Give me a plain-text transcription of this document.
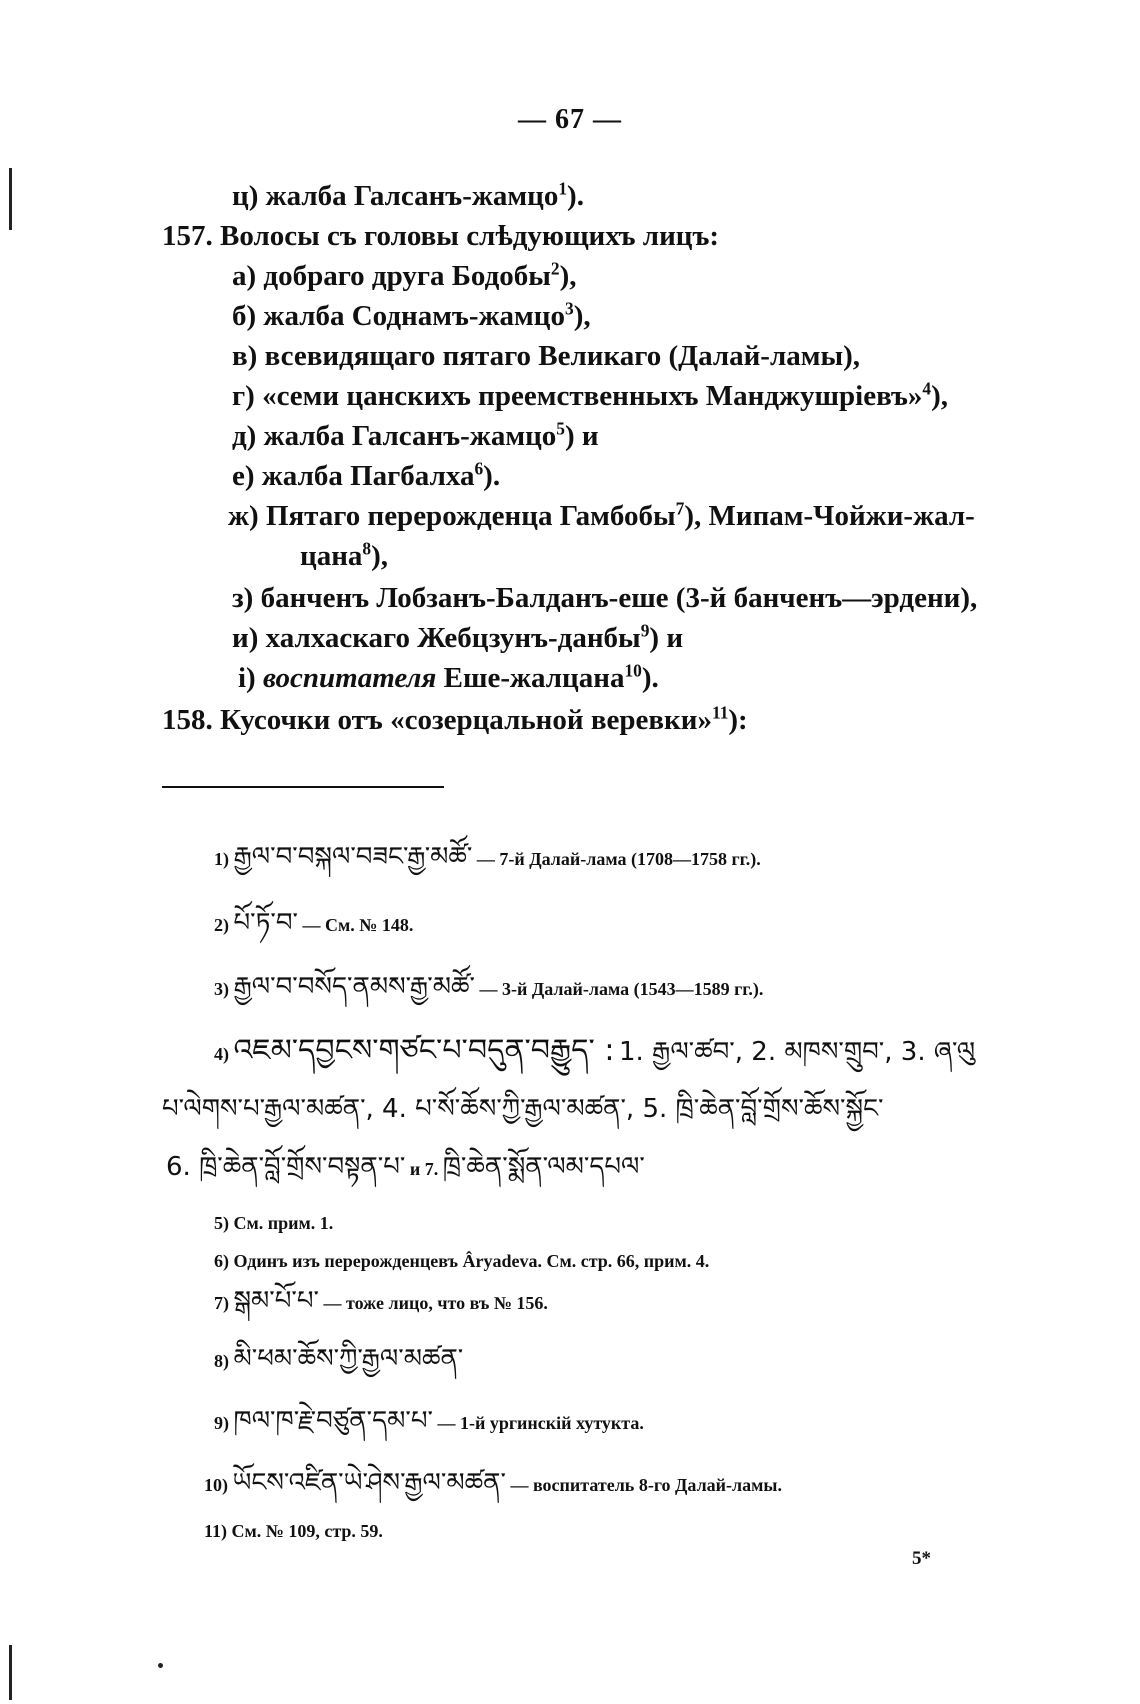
— 67 —
ц) жалба Галсанъ-жамцо$^1$).
157. Волосы съ головы слѣдующихъ лицъ:
а) добраго друга Бодобы$^2$),
б) жалба Соднамъ-жамцо$^3$),
в) всевидящаго пятаго Великаго (Далай-ламы),
г) «семи цанскихъ преемственныхъ Манджушріевъ»$^4$),
д) жалба Галсанъ-жамцо$^5$) и
е) жалба Пагбалха$^6$).
ж) Пятаго перерожденца Гамбобы$^7$), Мипам-Чойжи-жал-
цана$^8$),
з) банченъ Лобзанъ-Балданъ-еше (3-й банченъ—эрдени),
и) халхаскаго Жебцзунъ-данбы$^9$) и
і) воспитателя Еше-жалцана$^{10}$).
158. Кусочки отъ «созерцальной веревки»$^{11}$):
1) རྒྱལ་བ་བསྐལ་བཟང་རྒྱ་མཚོ་ — 7-й Далай-лама (1708—1758 гг.).
2) པོ་ཏོ་བ་ — См. № 148.
3) རྒྱལ་བ་བསོད་ནམས་རྒྱ་མཚོ་ — 3-й Далай-лама (1543—1589 гг.).
4) འཇམ་དབྱངས་གཙང་པ་བདུན་བརྒྱུད་ : 1. རྒྱལ་ཚབ་, 2. མཁས་གྲུབ་, 3. ཞ་ལུ
པ་ལེགས་པ་རྒྱལ་མཚན་, 4. པ་སོ་ཆོས་ཀྱི་རྒྱལ་མཚན་, 5. ཁྲི་ཆེན་བློ་གྲོས་ཆོས་སྐྱོང་
6. ཁྲི་ཆེན་བློ་གྲོས་བསྟན་པ་ и 7. ཁྲི་ཆེན་སྨོན་ལམ་དཔལ་
5) См. прим. 1.
6) Одинъ изъ перерожденцевъ Âryadeva. См. стр. 66, прим. 4.
7) སྒམ་པོ་པ་ — тоже лицо, что въ № 156.
8) མི་ཕམ་ཆོས་ཀྱི་རྒྱལ་མཚན་
9) ཁལ་ཁ་རྗེ་བཙུན་དམ་པ་ — 1-й ургинскій хутукта.
10) ཡོངས་འཛིན་ཡེ་ཤེས་རྒྱལ་མཚན་ — воспитатель 8-го Далай-ламы.
11) См. № 109, стр. 59.
5*
